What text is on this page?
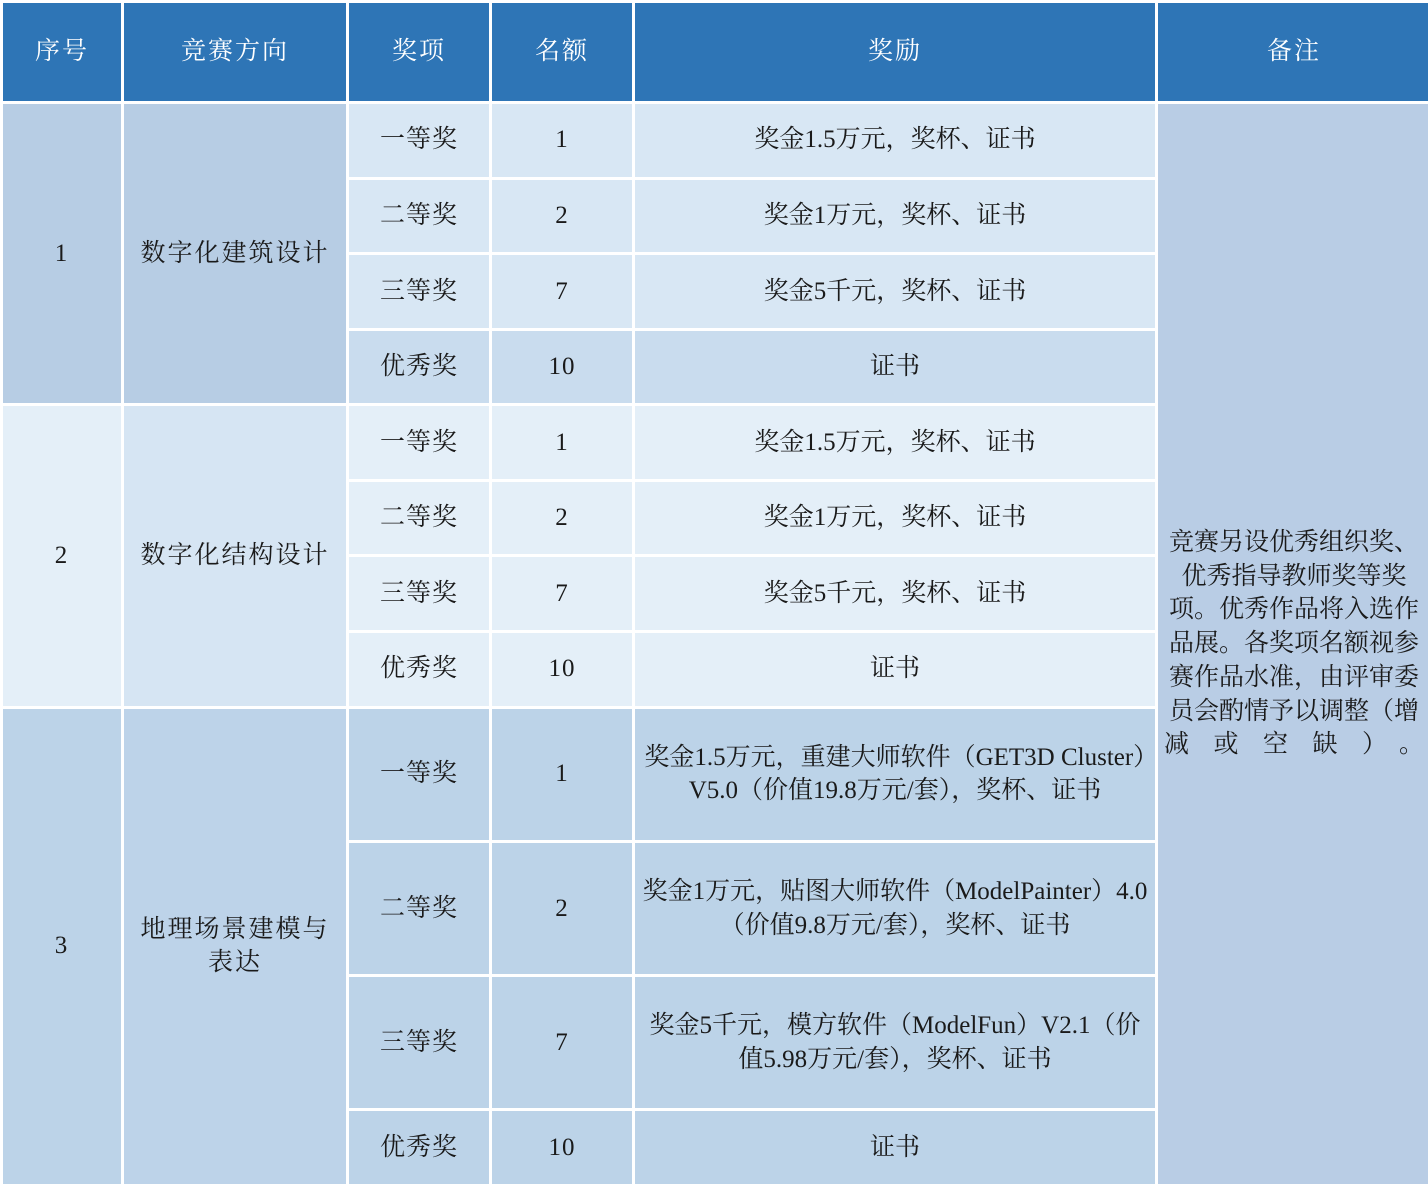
序号	竞赛方向	奖项	名额	奖励	备注
1	数字化建筑设计	一等奖	1	奖金1.5万元，奖杯、证书	竞赛另设优秀组织奖、优秀指导教师奖等奖项。优秀作品将入选作品展。各奖项名额视参赛作品水准，由评审委员会酌情予以调整（增减或空缺）。
		二等奖	2	奖金1万元，奖杯、证书	
		三等奖	7	奖金5千元，奖杯、证书	
		优秀奖	10	证书	
2	数字化结构设计	一等奖	1	奖金1.5万元，奖杯、证书	
		二等奖	2	奖金1万元，奖杯、证书	
		三等奖	7	奖金5千元，奖杯、证书	
		优秀奖	10	证书	
3	地理场景建模与表达	一等奖	1	奖金1.5万元，重建大师软件（GET3D Cluster）V5.0（价值19.8万元/套），奖杯、证书	
		二等奖	2	奖金1万元，贴图大师软件（ModelPainter）4.0（价值9.8万元/套），奖杯、证书	
		三等奖	7	奖金5千元，模方软件（ModelFun）V2.1（价值5.98万元/套），奖杯、证书	
		优秀奖	10	证书	
